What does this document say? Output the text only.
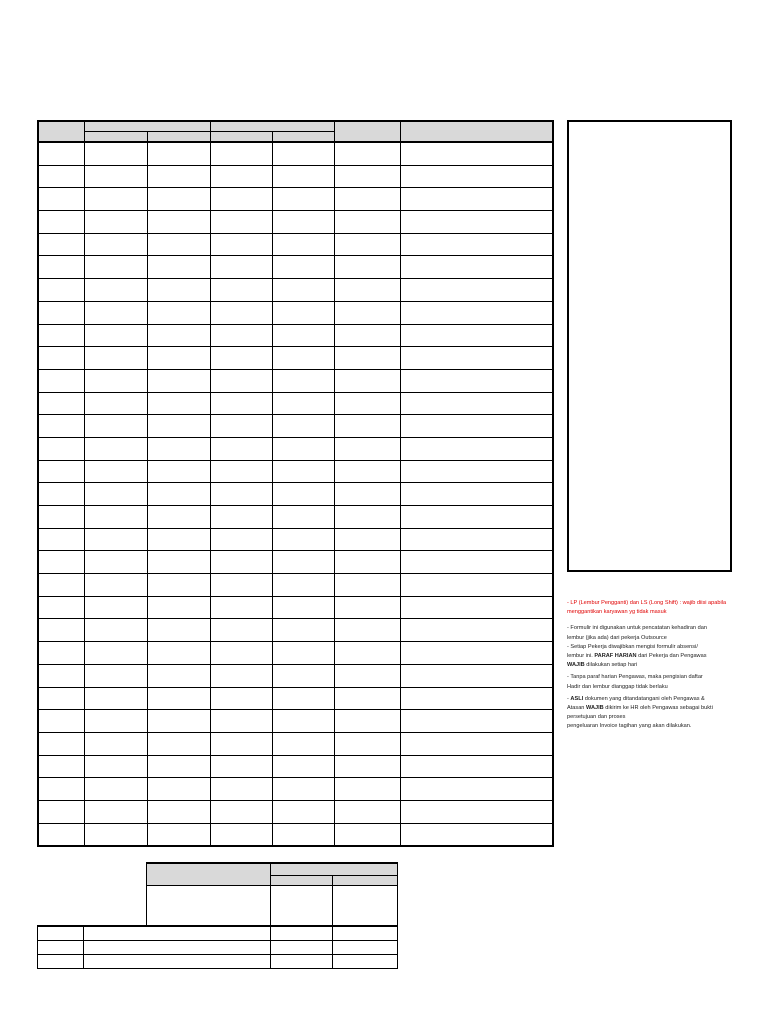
- LP (Lembur Pengganti) dan LS (Long Shift) : wajib diisi apabila menggantikan karyawan yg tidak masuk

- Formulir ini digunakan untuk pencatatan kehadiran dan

lembur (jika ada) dari pekerja Outsource

- Setiap Pekerja diwajibkan mengisi formulir absensi/

lembur ini. PARAF HARIAN dari Pekerja dan Pengawas

WAJIB dilakukan setiap hari

- Tanpa paraf harian Pengawas, maka pengisian daftar

Hadir dan lembur dianggap tidak berlaku

- ASLI dokumen yang ditandatangani oleh Pengawas &

Atasan WAJIB dikirim ke HR oleh Pengawas sebagai bukti

persetujuan dan proses

pengeluaran Invoice tagihan yang akan dilakukan.
